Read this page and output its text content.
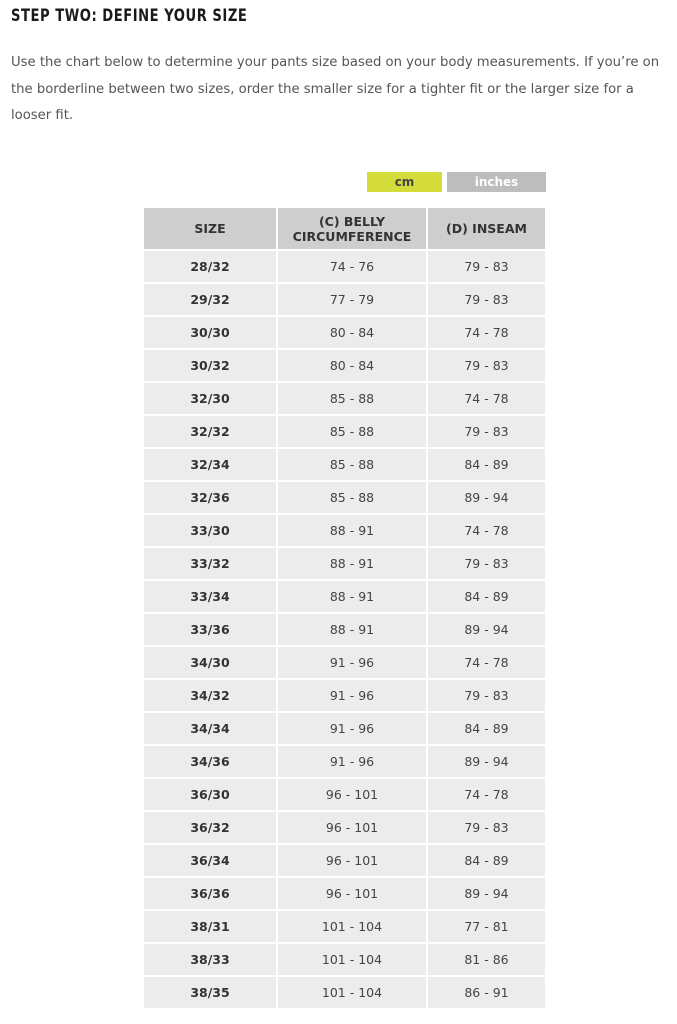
STEP TWO: DEFINE YOUR SIZE

Use the chart below to determine your pants size based on your body measurements. If you’re on the borderline between two sizes, order the smaller size for a tighter fit or the larger size for a looser fit.

cm	inches
SIZE	(C) BELLY CIRCUMFERENCE	(D) INSEAM
28/32	74 - 76	79 - 83
29/32	77 - 79	79 - 83
30/30	80 - 84	74 - 78
30/32	80 - 84	79 - 83
32/30	85 - 88	74 - 78
32/32	85 - 88	79 - 83
32/34	85 - 88	84 - 89
32/36	85 - 88	89 - 94
33/30	88 - 91	74 - 78
33/32	88 - 91	79 - 83
33/34	88 - 91	84 - 89
33/36	88 - 91	89 - 94
34/30	91 - 96	74 - 78
34/32	91 - 96	79 - 83
34/34	91 - 96	84 - 89
34/36	91 - 96	89 - 94
36/30	96 - 101	74 - 78
36/32	96 - 101	79 - 83
36/34	96 - 101	84 - 89
36/36	96 - 101	89 - 94
38/31	101 - 104	77 - 81
38/33	101 - 104	81 - 86
38/35	101 - 104	86 - 91
